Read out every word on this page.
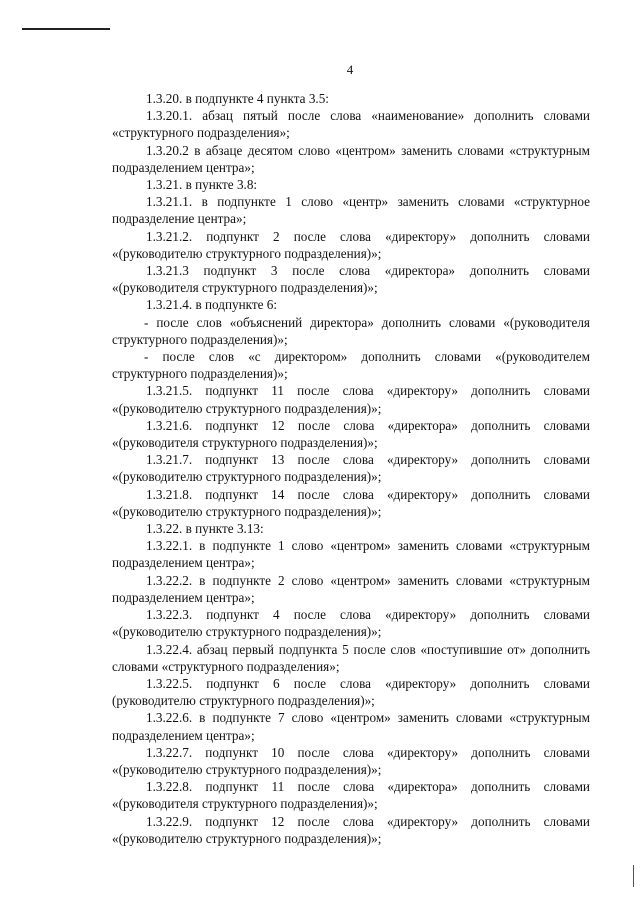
4

1.3.20. в подпункте 4 пункта 3.5:

1.3.20.1. абзац пятый после слова «наименование» дополнить словами «структурного подразделения»;

1.3.20.2 в абзаце десятом слово «центром» заменить словами «структурным подразделением центра»;

1.3.21. в пункте 3.8:

1.3.21.1. в подпункте 1 слово «центр» заменить словами «структурное подразделение центра»;

1.3.21.2. подпункт 2 после слова «директору» дополнить словами «(руководителю структурного подразделения)»;

1.3.21.3 подпункт 3 после слова «директора» дополнить словами «(руководителя структурного подразделения)»;

1.3.21.4. в подпункте 6:

- после слов «объяснений директора» дополнить словами «(руководителя структурного подразделения)»;

- после слов «с директором» дополнить словами «(руководителем структурного подразделения)»;

1.3.21.5. подпункт 11 после слова «директору» дополнить словами «(руководителю структурного подразделения)»;

1.3.21.6. подпункт 12 после слова «директора» дополнить словами «(руководителя структурного подразделения)»;

1.3.21.7. подпункт 13 после слова «директору» дополнить словами «(руководителю структурного подразделения)»;

1.3.21.8. подпункт 14 после слова «директору» дополнить словами «(руководителю структурного подразделения)»;

1.3.22. в пункте 3.13:

1.3.22.1. в подпункте 1 слово «центром» заменить словами «структурным подразделением центра»;

1.3.22.2. в подпункте 2 слово «центром» заменить словами «структурным подразделением центра»;

1.3.22.3. подпункт 4 после слова «директору» дополнить словами «(руководителю структурного подразделения)»;

1.3.22.4. абзац первый подпункта 5 после слов «поступившие от» дополнить словами «структурного подразделения»;

1.3.22.5. подпункт 6 после слова «директору» дополнить словами (руководителю структурного подразделения)»;

1.3.22.6. в подпункте 7 слово «центром» заменить словами «структурным подразделением центра»;

1.3.22.7. подпункт 10 после слова «директору» дополнить словами «(руководителю структурного подразделения)»;

1.3.22.8. подпункт 11 после слова «директора» дополнить словами «(руководителя структурного подразделения)»;

1.3.22.9. подпункт 12 после слова «директору» дополнить словами «(руководителю структурного подразделения)»;
